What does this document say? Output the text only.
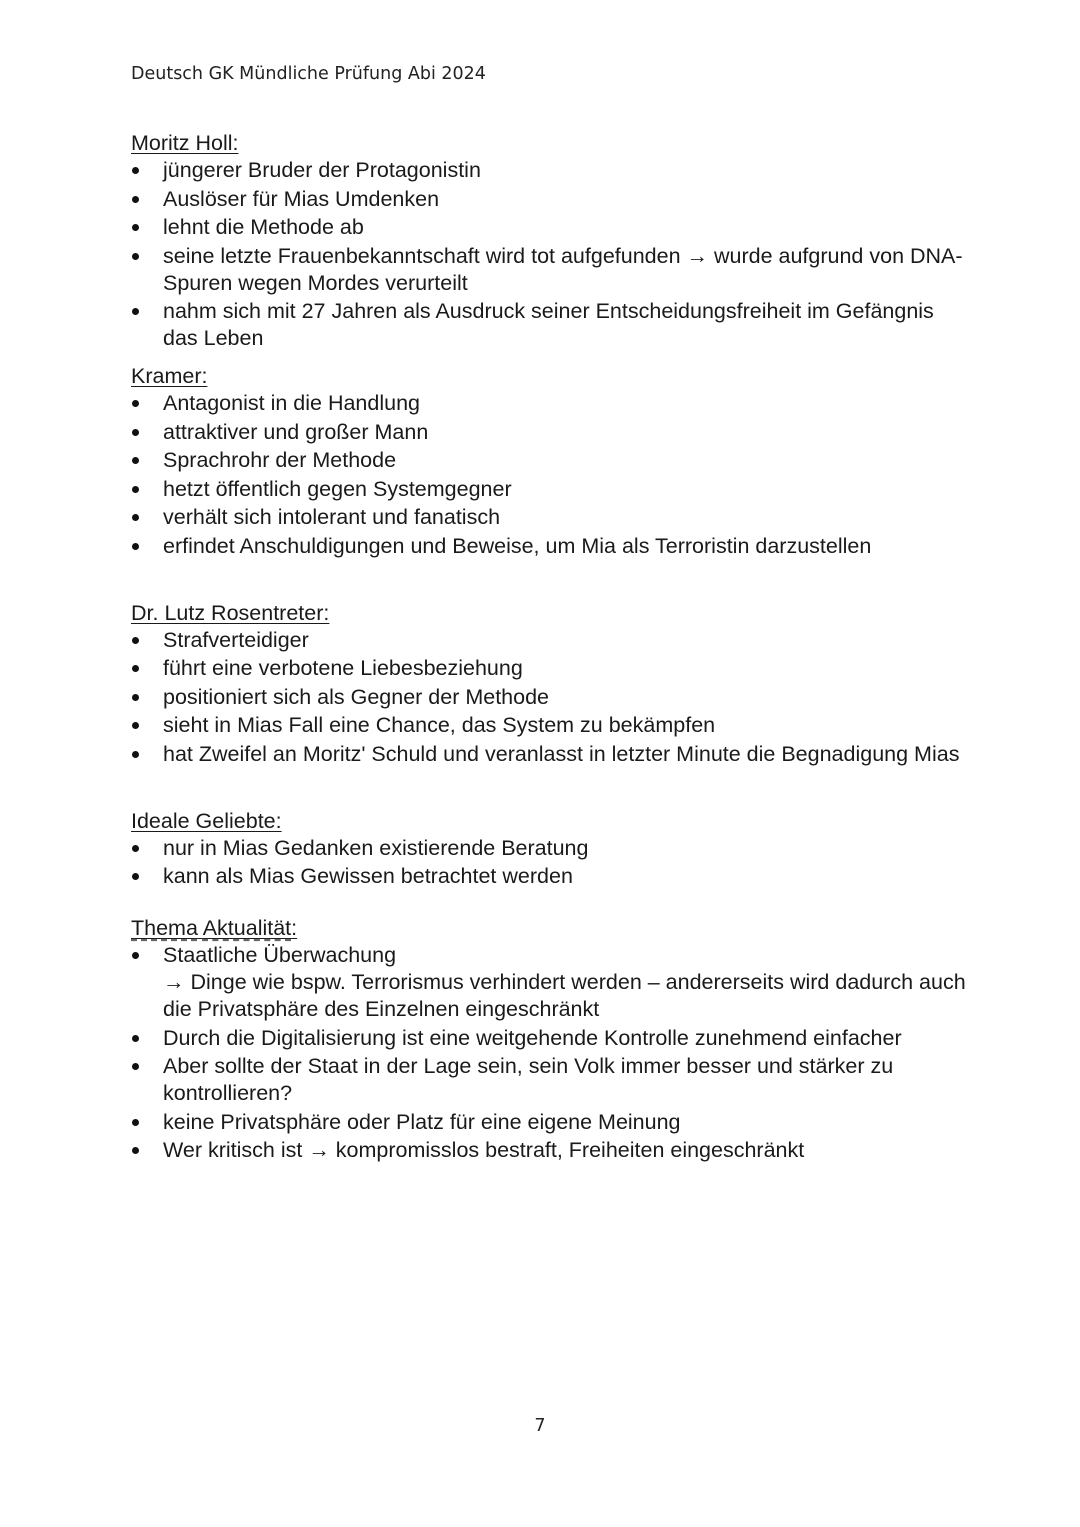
Deutsch GK Mündliche Prüfung Abi 2024

Moritz Holl:

jüngerer Bruder der Protagonistin
Auslöser für Mias Umdenken
lehnt die Methode ab
seine letzte Frauenbekanntschaft wird tot aufgefunden → wurde aufgrund von DNA-Spuren wegen Mordes verurteilt
nahm sich mit 27 Jahren als Ausdruck seiner Entscheidungsfreiheit im Gefängnis das Leben

Kramer:

Antagonist in die Handlung
attraktiver und großer Mann
Sprachrohr der Methode
hetzt öffentlich gegen Systemgegner
verhält sich intolerant und fanatisch
erfindet Anschuldigungen und Beweise, um Mia als Terroristin darzustellen

Dr. Lutz Rosentreter:

Strafverteidiger
führt eine verbotene Liebesbeziehung
positioniert sich als Gegner der Methode
sieht in Mias Fall eine Chance, das System zu bekämpfen
hat Zweifel an Moritz' Schuld und veranlasst in letzter Minute die Begnadigung Mias

Ideale Geliebte:

nur in Mias Gedanken existierende Beratung
kann als Mias Gewissen betrachtet werden

Thema Aktualität:

Staatliche Überwachung
→ Dinge wie bspw. Terrorismus verhindert werden – andererseits wird dadurch auch die Privatsphäre des Einzelnen eingeschränkt
Durch die Digitalisierung ist eine weitgehende Kontrolle zunehmend einfacher
Aber sollte der Staat in der Lage sein, sein Volk immer besser und stärker zu kontrollieren?
keine Privatsphäre oder Platz für eine eigene Meinung
Wer kritisch ist → kompromisslos bestraft, Freiheiten eingeschränkt
7
